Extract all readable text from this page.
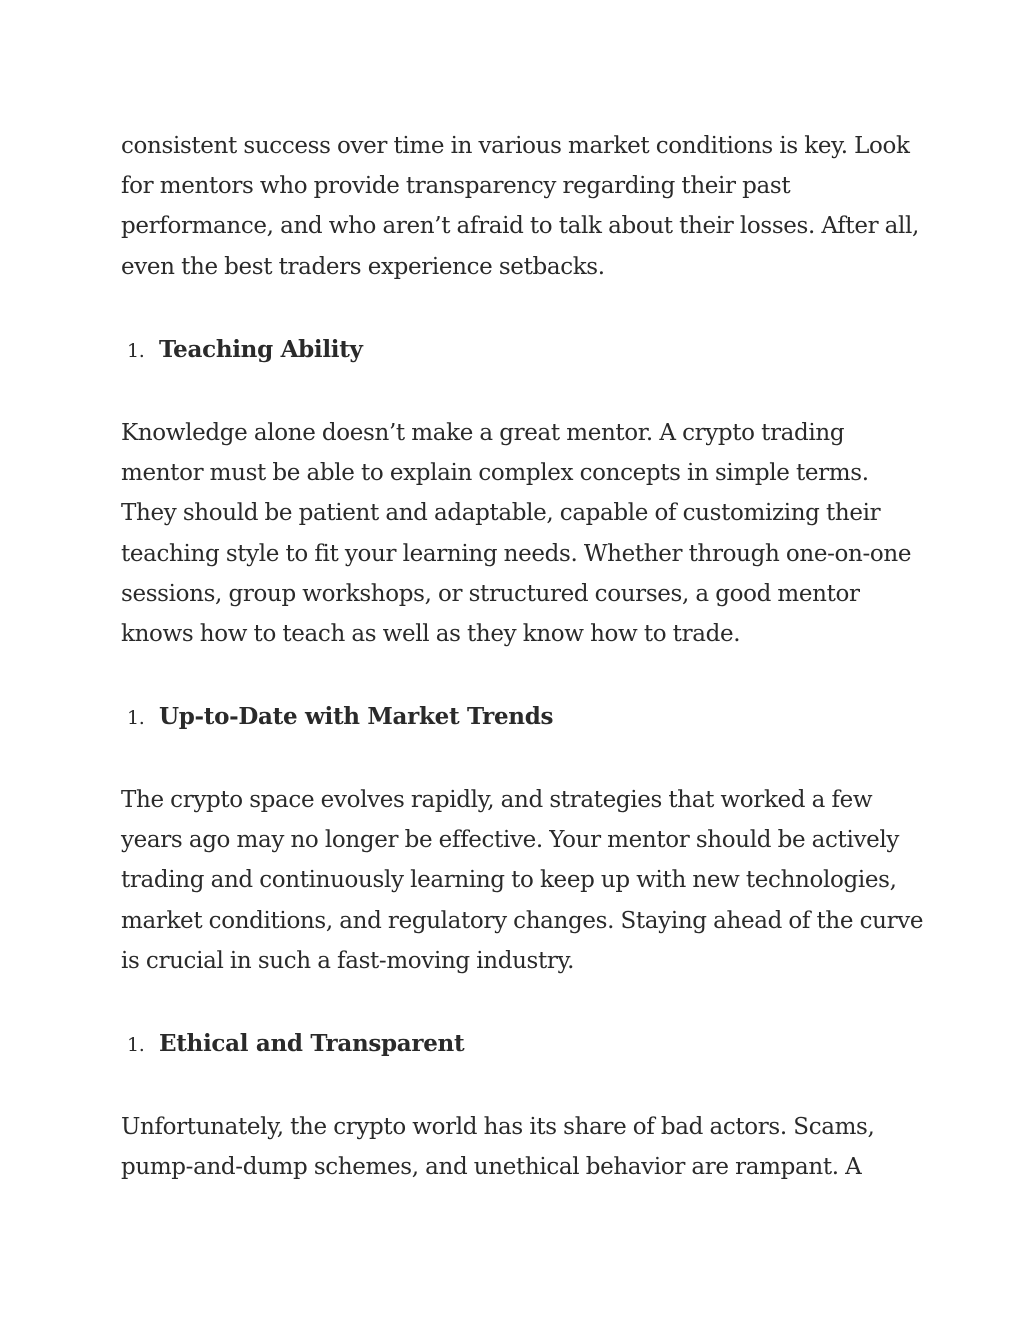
consistent success over time in various market conditions is key. Look
for mentors who provide transparency regarding their past
performance, and who aren’t afraid to talk about their losses. After all,
even the best traders experience setbacks.

1. Teaching Ability

Knowledge alone doesn’t make a great mentor. A crypto trading
mentor must be able to explain complex concepts in simple terms.
They should be patient and adaptable, capable of customizing their
teaching style to fit your learning needs. Whether through one-on-one
sessions, group workshops, or structured courses, a good mentor
knows how to teach as well as they know how to trade.

1. Up-to-Date with Market Trends

The crypto space evolves rapidly, and strategies that worked a few
years ago may no longer be effective. Your mentor should be actively
trading and continuously learning to keep up with new technologies,
market conditions, and regulatory changes. Staying ahead of the curve
is crucial in such a fast-moving industry.

1. Ethical and Transparent

Unfortunately, the crypto world has its share of bad actors. Scams,
pump-and-dump schemes, and unethical behavior are rampant. A
